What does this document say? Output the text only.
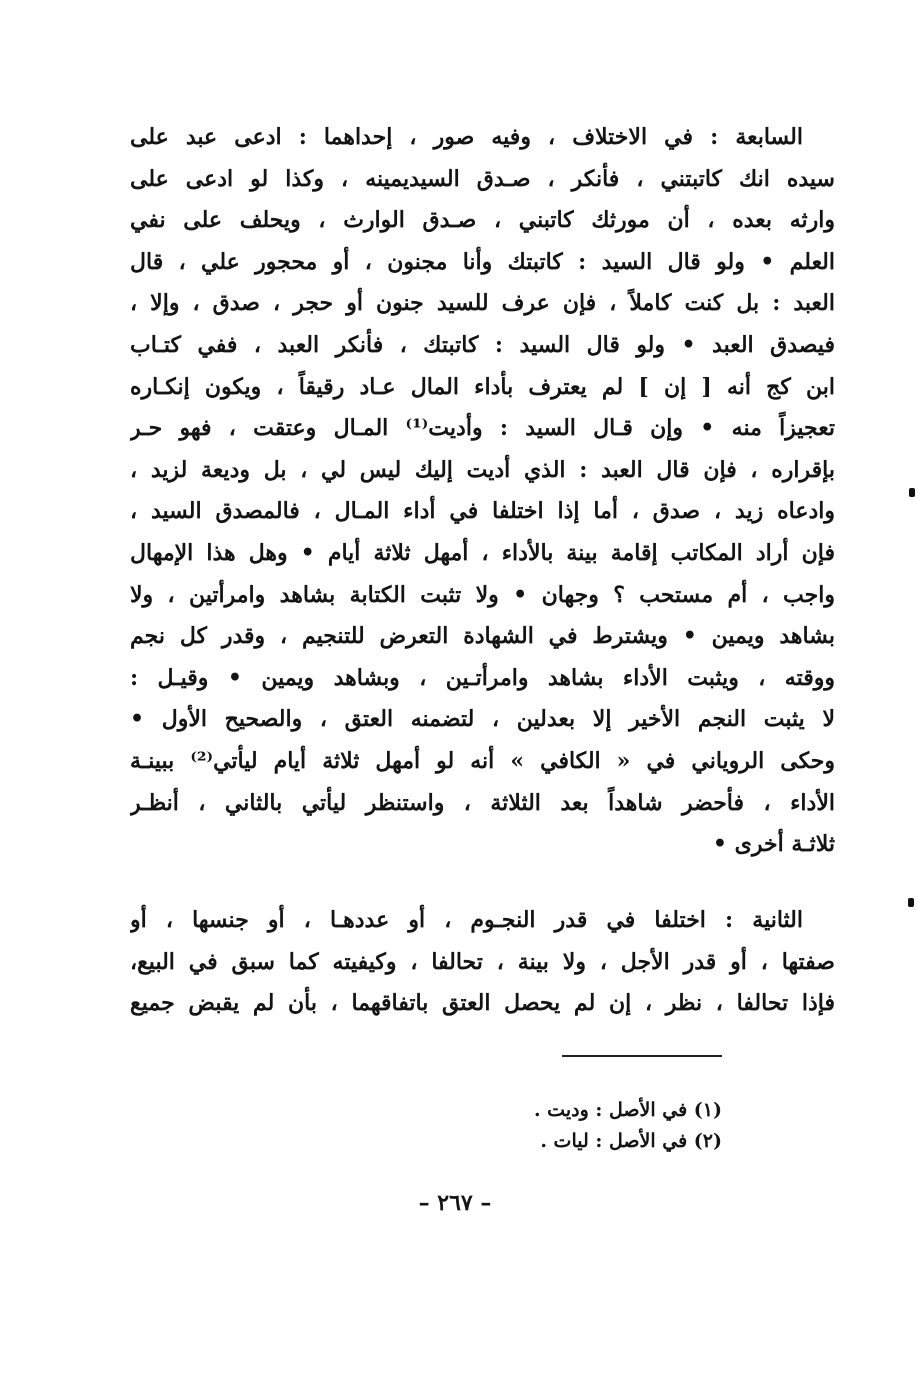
السابعة : في الاختلاف ، وفيه صور ، إحداهما : ادعى عبد على
سيده انك كاتبتني ، فأنكر ، صـدق السيديمينه ، وكذا لو ادعى على
وارثه بعده ، أن مورثك كاتبني ، صـدق الوارث ، ويحلف على نفي
العلم • ولو قال السيد : كاتبتك وأنا مجنون ، أو محجور علي ، قال
العبد : بل كنت كاملاً ، فإن عرف للسيد جنون أو حجر ، صدق ، وإلا ،
فيصدق العبد • ولو قال السيد : كاتبتك ، فأنكر العبد ، ففي كتـاب
ابن كج أنه [ إن ] لم يعترف بأداء المال عـاد رقيقاً ، ويكون إنكـاره
تعجيزاً منه • وإن قـال السيد : وأديت⁽¹⁾ المـال وعتقت ، فهو حـر
بإقراره ، فإن قال العبد : الذي أديت إليك ليس لي ، بل وديعة لزيد ،
وادعاه زيد ، صدق ، أما إذا اختلفا في أداء المـال ، فالمصدق السيد ،
فإن أراد المكاتب إقامة بينة بالأداء ، أمهل ثلاثة أيام • وهل هذا الإمهال
واجب ، أم مستحب ؟ وجهان • ولا تثبت الكتابة بشاهد وامرأتين ، ولا
بشاهد ويمين • ويشترط في الشهادة التعرض للتنجيم ، وقدر كل نجم
ووقته ، ويثبت الأداء بشاهد وامرأتـين ، وبشاهد ويمين • وقيـل :
لا يثبت النجم الأخير إلا بعدلين ، لتضمنه العتق ، والصحيح الأول •
وحكى الروياني في « الكافي » أنه لو أمهل ثلاثة أيام ليأتي⁽²⁾ ببينـة
الأداء ، فأحضر شاهداً بعد الثلاثة ، واستنظر ليأتي بالثاني ، أنظـر
ثلاثـة أخرى •
الثانية : اختلفا في قدر النجـوم ، أو عددهـا ، أو جنسها ، أو
صفتها ، أو قدر الأجل ، ولا بينة ، تحالفا ، وكيفيته كما سبق في البيع،
فإذا تحالفا ، نظر ، إن لم يحصل العتق باتفاقهما ، بأن لم يقبض جميع
(١) في الأصل : وديت .
(٢) في الأصل : ليات .
– ٢٦٧ –
